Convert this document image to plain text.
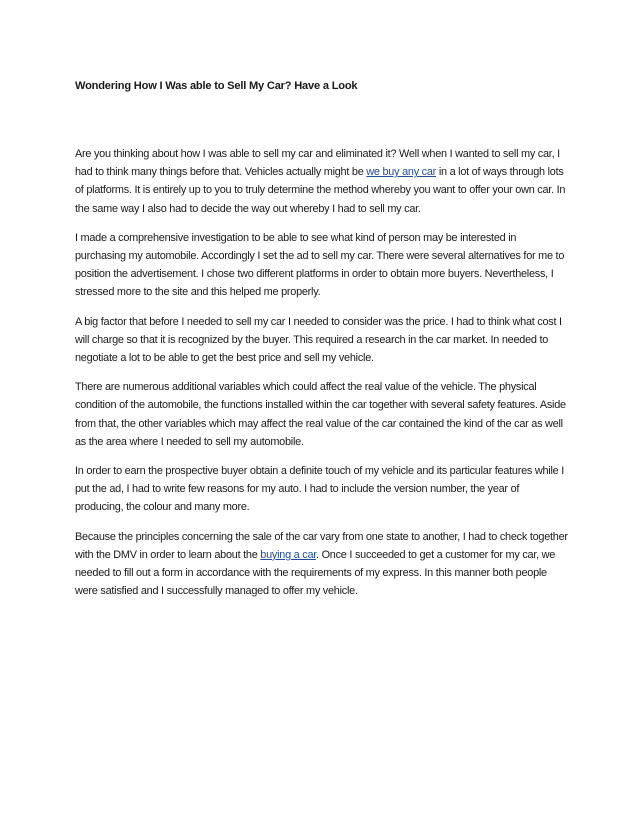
Wondering How I Was able to Sell My Car? Have a Look

Are you thinking about how I was able to sell my car and eliminated it? Well when I wanted to sell my car, I had to think many things before that. Vehicles actually might be we buy any car in a lot of ways through lots of platforms. It is entirely up to you to truly determine the method whereby you want to offer your own car. In the same way I also had to decide the way out whereby I had to sell my car.

I made a comprehensive investigation to be able to see what kind of person may be interested in purchasing my automobile. Accordingly I set the ad to sell my car. There were several alternatives for me to position the advertisement. I chose two different platforms in order to obtain more buyers. Nevertheless, I stressed more to the site and this helped me properly.

A big factor that before I needed to sell my car I needed to consider was the price. I had to think what cost I will charge so that it is recognized by the buyer. This required a research in the car market. In needed to negotiate a lot to be able to get the best price and sell my vehicle.

There are numerous additional variables which could affect the real value of the vehicle. The physical condition of the automobile, the functions installed within the car together with several safety features. Aside from that, the other variables which may affect the real value of the car contained the kind of the car as well as the area where I needed to sell my automobile.

In order to earn the prospective buyer obtain a definite touch of my vehicle and its particular features while I put the ad, I had to write few reasons for my auto. I had to include the version number, the year of producing, the colour and many more.

Because the principles concerning the sale of the car vary from one state to another, I had to check together with the DMV in order to learn about the buying a car. Once I succeeded to get a customer for my car, we needed to fill out a form in accordance with the requirements of my express. In this manner both people were satisfied and I successfully managed to offer my vehicle.
